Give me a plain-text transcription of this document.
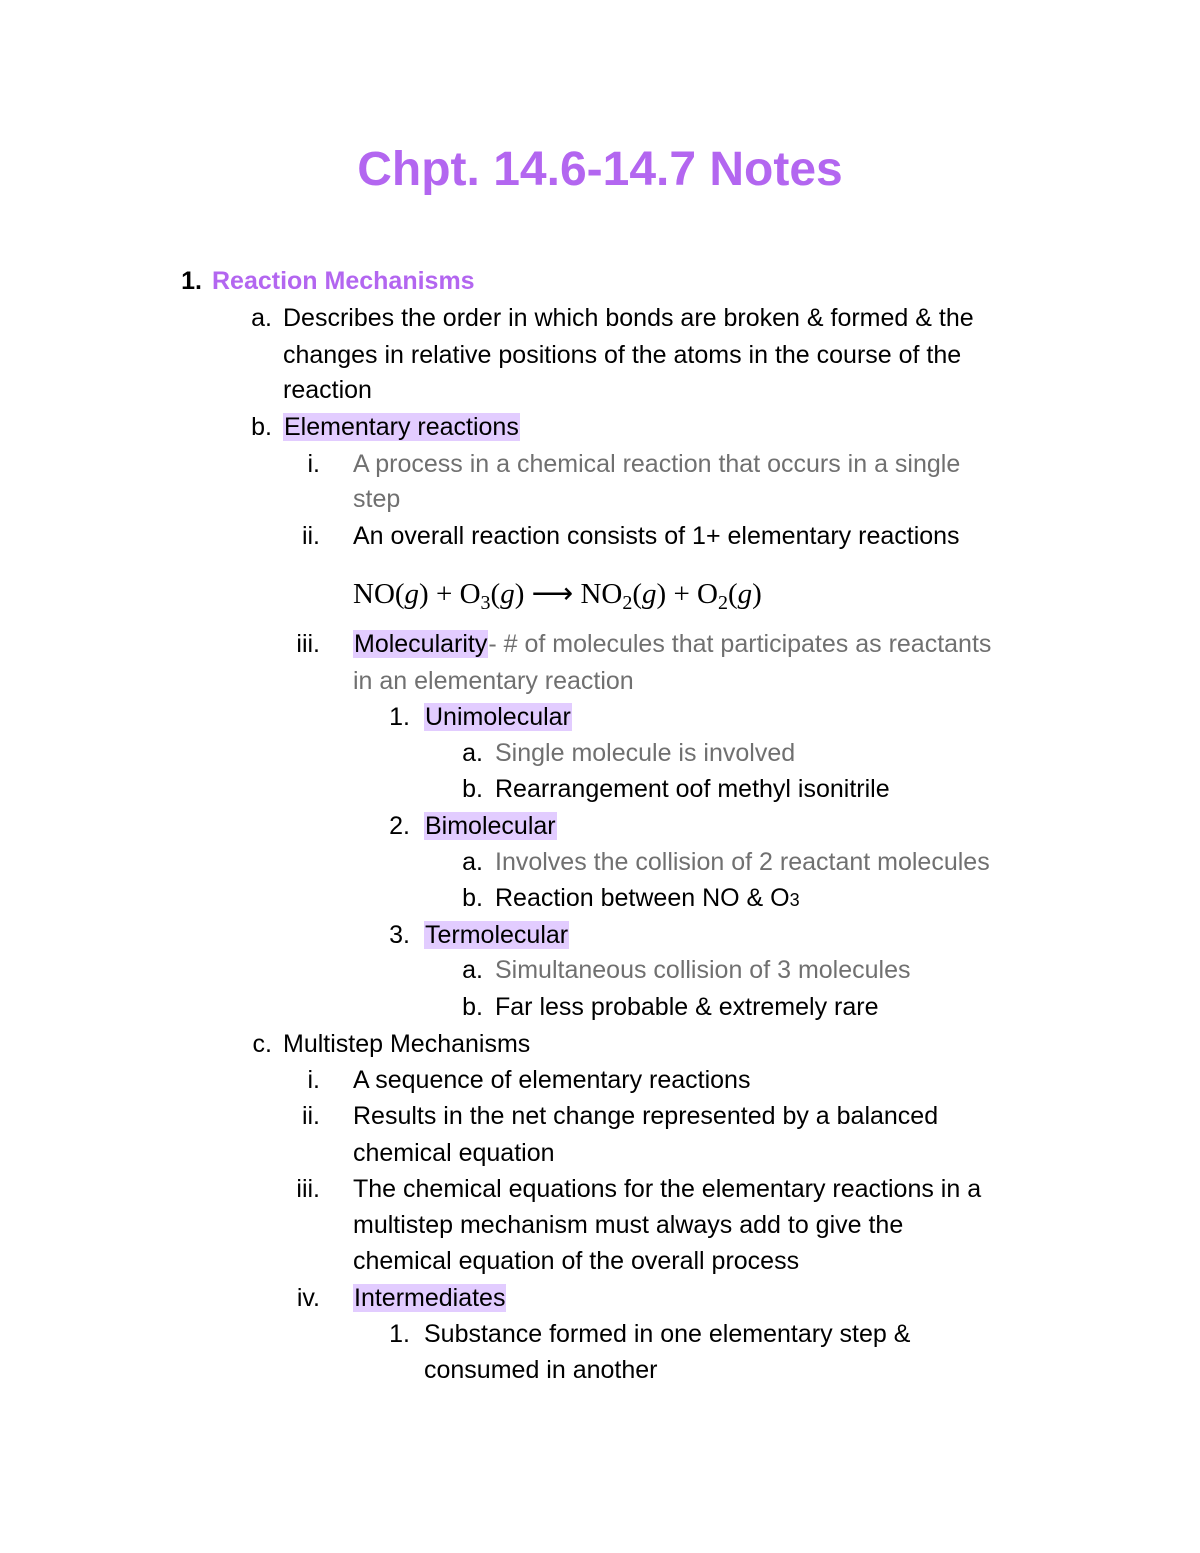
Chpt. 14.6-14.7 Notes
1. Reaction Mechanisms
a. Describes the order in which bonds are broken & formed & the
changes in relative positions of the atoms in the course of the
reaction
b. Elementary reactions
i. A process in a chemical reaction that occurs in a single
step
ii. An overall reaction consists of 1+ elementary reactions
$NO(g) + O_3(g)$ ⟶ $NO_2(g) + O_2(g)$
iii. Molecularity- # of molecules that participates as reactants
in an elementary reaction
1. Unimolecular
a. Single molecule is involved
b. Rearrangement oof methyl isonitrile
2. Bimolecular
a. Involves the collision of 2 reactant molecules
b. Reaction between NO & O3
3. Termolecular
a. Simultaneous collision of 3 molecules
b. Far less probable & extremely rare
c. Multistep Mechanisms
i. A sequence of elementary reactions
ii. Results in the net change represented by a balanced
chemical equation
iii. The chemical equations for the elementary reactions in a
multistep mechanism must always add to give the
chemical equation of the overall process
iv. Intermediates
1. Substance formed in one elementary step &
consumed in another
